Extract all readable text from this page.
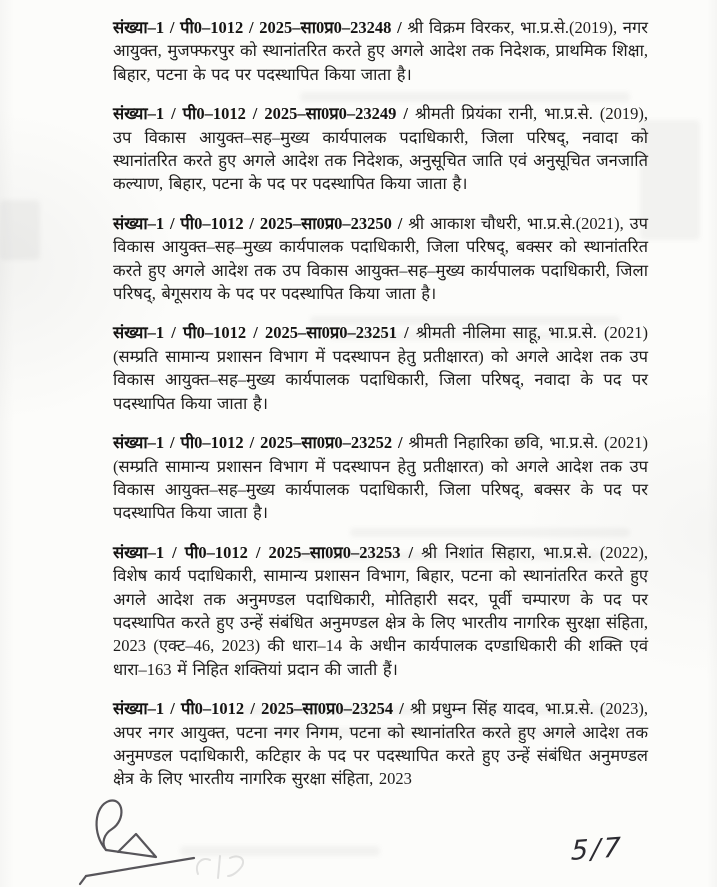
संख्या–1 / पी0–1012 / 2025–सा0प्र0–23248 / श्री विक्रम विरकर, भा.प्र.से.(2019), नगर आयुक्त, मुजफ्फरपुर को स्थानांतरित करते हुए अगले आदेश तक निदेशक, प्राथमिक शिक्षा, बिहार, पटना के पद पर पदस्थापित किया जाता है।

संख्या–1 / पी0–1012 / 2025–सा0प्र0–23249 / श्रीमती प्रियंका रानी, भा.प्र.से. (2019), उप विकास आयुक्त–सह–मुख्य कार्यपालक पदाधिकारी, जिला परिषद्, नवादा को स्थानांतरित करते हुए अगले आदेश तक निदेशक, अनुसूचित जाति एवं अनुसूचित जनजाति कल्याण, बिहार, पटना के पद पर पदस्थापित किया जाता है।

संख्या–1 / पी0–1012 / 2025–सा0प्र0–23250 / श्री आकाश चौधरी, भा.प्र.से.(2021), उप विकास आयुक्त–सह–मुख्य कार्यपालक पदाधिकारी, जिला परिषद्, बक्सर को स्थानांतरित करते हुए अगले आदेश तक उप विकास आयुक्त–सह–मुख्य कार्यपालक पदाधिकारी, जिला परिषद्, बेगूसराय के पद पर पदस्थापित किया जाता है।

संख्या–1 / पी0–1012 / 2025–सा0प्र0–23251 / श्रीमती नीलिमा साहू, भा.प्र.से. (2021) (सम्प्रति सामान्य प्रशासन विभाग में पदस्थापन हेतु प्रतीक्षारत) को अगले आदेश तक उप विकास आयुक्त–सह–मुख्य कार्यपालक पदाधिकारी, जिला परिषद्, नवादा के पद पर पदस्थापित किया जाता है।

संख्या–1 / पी0–1012 / 2025–सा0प्र0–23252 / श्रीमती निहारिका छवि, भा.प्र.से. (2021) (सम्प्रति सामान्य प्रशासन विभाग में पदस्थापन हेतु प्रतीक्षारत) को अगले आदेश तक उप विकास आयुक्त–सह–मुख्य कार्यपालक पदाधिकारी, जिला परिषद्, बक्सर के पद पर पदस्थापित किया जाता है।

संख्या–1 / पी0–1012 / 2025–सा0प्र0–23253 / श्री निशांत सिहारा, भा.प्र.से. (2022), विशेष कार्य पदाधिकारी, सामान्य प्रशासन विभाग, बिहार, पटना को स्थानांतरित करते हुए अगले आदेश तक अनुमण्डल पदाधिकारी, मोतिहारी सदर, पूर्वी चम्पारण के पद पर पदस्थापित करते हुए उन्हें संबंधित अनुमण्डल क्षेत्र के लिए भारतीय नागरिक सुरक्षा संहिता, 2023 (एक्ट–46, 2023) की धारा–14 के अधीन कार्यपालक दण्डाधिकारी की शक्ति एवं धारा–163 में निहित शक्तियां प्रदान की जाती हैं।

संख्या–1 / पी0–1012 / 2025–सा0प्र0–23254 / श्री प्रधुम्न सिंह यादव, भा.प्र.से. (2023), अपर नगर आयुक्त, पटना नगर निगम, पटना को स्थानांतरित करते हुए अगले आदेश तक अनुमण्डल पदाधिकारी, कटिहार के पद पर पदस्थापित करते हुए उन्हें संबंधित अनुमण्डल क्षेत्र के लिए भारतीय नागरिक सुरक्षा संहिता, 2023

5/7
